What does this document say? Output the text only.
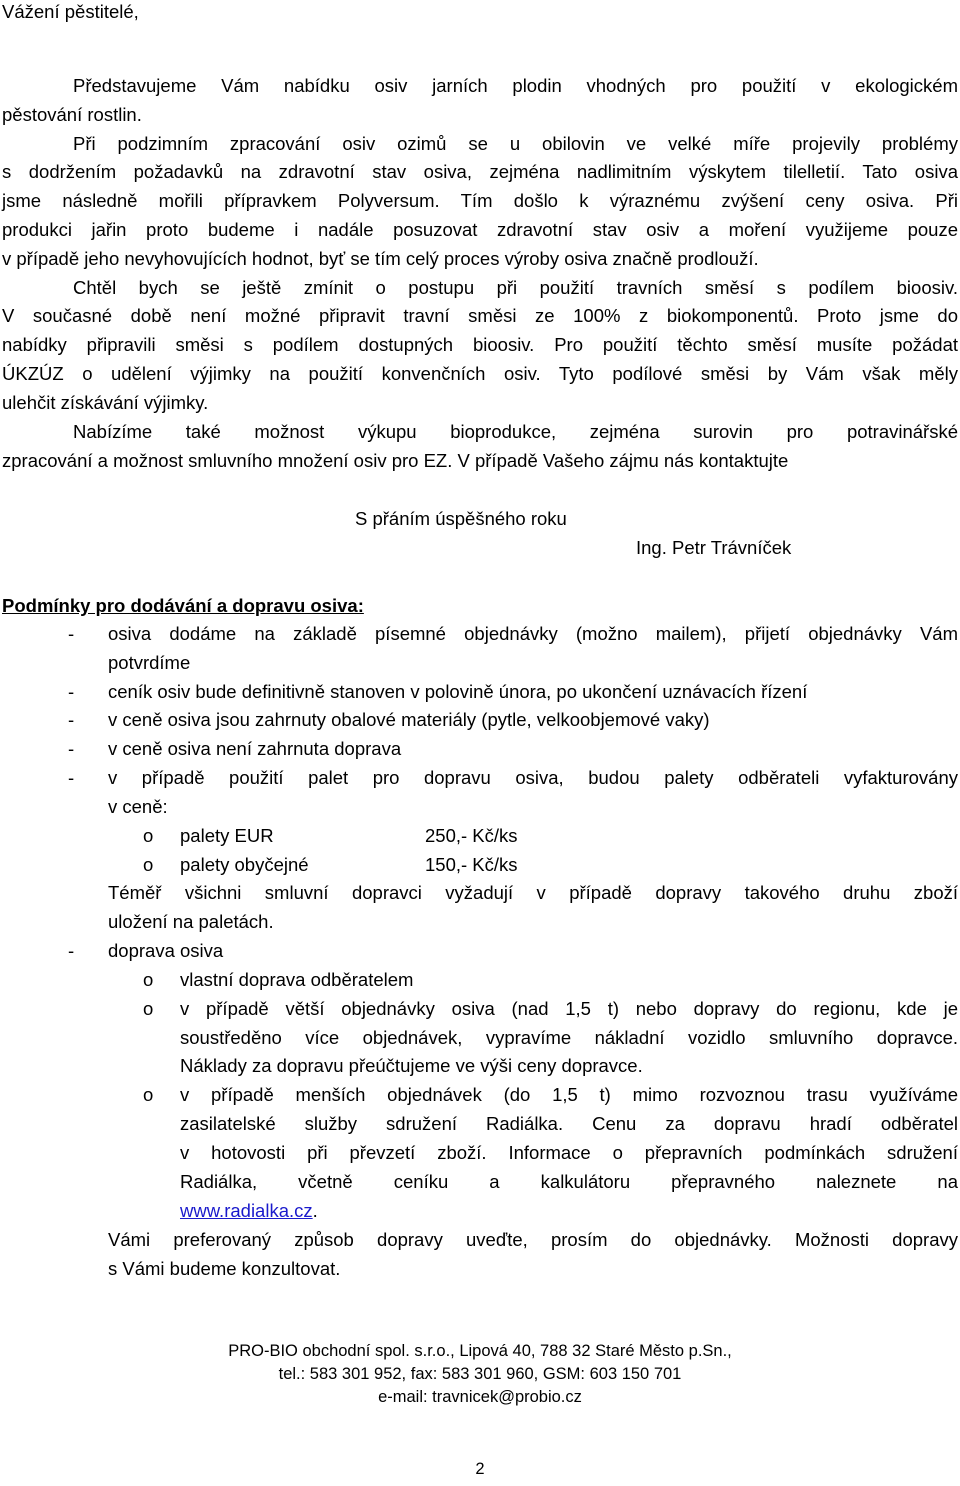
Vážení pěstitelé,
Představujeme Vám nabídku osiv jarních plodin vhodných pro použití v ekologickém
pěstování rostlin.
Při podzimním zpracování osiv ozimů se u obilovin ve velké míře projevily problémy
s dodržením požadavků na zdravotní stav osiva, zejména nadlimitním výskytem tilelletií. Tato osiva
jsme následně mořili přípravkem Polyversum. Tím došlo k výraznému zvýšení ceny osiva. Při
produkci jařin proto budeme i nadále posuzovat zdravotní stav osiv a moření využijeme pouze
v případě jeho nevyhovujících hodnot, byť se tím celý proces výroby osiva značně prodlouží.
Chtěl bych se ještě zmínit o postupu při použití travních směsí s podílem bioosiv.
V současné době není možné připravit travní směsi ze 100% z biokomponentů. Proto jsme do
nabídky připravili směsi s podílem dostupných bioosiv. Pro použití těchto směsí musíte požádat
ÚKZÚZ o udělení výjimky na použití konvenčních osiv. Tyto podílové směsi by Vám však měly
ulehčit získávání výjimky.
Nabízíme také možnost výkupu bioprodukce, zejména surovin pro potravinářské
zpracování a možnost smluvního množení osiv pro EZ. V případě Vašeho zájmu nás kontaktujte
S přáním úspěšného roku
Ing. Petr Trávníček
Podmínky pro dodávání a dopravu osiva:
- osiva dodáme na základě písemné objednávky (možno mailem), přijetí objednávky Vám
potvrdíme
- ceník osiv bude definitivně stanoven v polovině února, po ukončení uznávacích řízení
- v ceně osiva jsou zahrnuty obalové materiály (pytle, velkoobjemové vaky)
- v ceně osiva není zahrnuta doprava
- v případě použití palet pro dopravu osiva, budou palety odběrateli vyfakturovány
v ceně:
o palety EUR	250,- Kč/ks
o palety obyčejné	150,- Kč/ks
Téměř všichni smluvní dopravci vyžadují v případě dopravy takového druhu zboží
uložení na paletách.
- doprava osiva
o vlastní doprava odběratelem
o v případě větší objednávky osiva (nad 1,5 t) nebo dopravy do regionu, kde je
soustředěno více objednávek, vypravíme nákladní vozidlo smluvního dopravce.
Náklady za dopravu přeúčtujeme ve výši ceny dopravce.
o v případě menších objednávek (do 1,5 t) mimo rozvoznou trasu využíváme
zasilatelské služby sdružení Radiálka. Cenu za dopravu hradí odběratel
v hotovosti při převzetí zboží. Informace o přepravních podmínkách sdružení
Radiálka, včetně ceníku a kalkulátoru přepravného naleznete na
www.radialka.cz.
Vámi preferovaný způsob dopravy uveďte, prosím do objednávky. Možnosti dopravy
s Vámi budeme konzultovat.
PRO-BIO obchodní spol. s.r.o., Lipová 40, 788 32 Staré Město p.Sn.,
tel.: 583 301 952, fax: 583 301 960, GSM: 603 150 701
e-mail: travnicek@probio.cz
2
